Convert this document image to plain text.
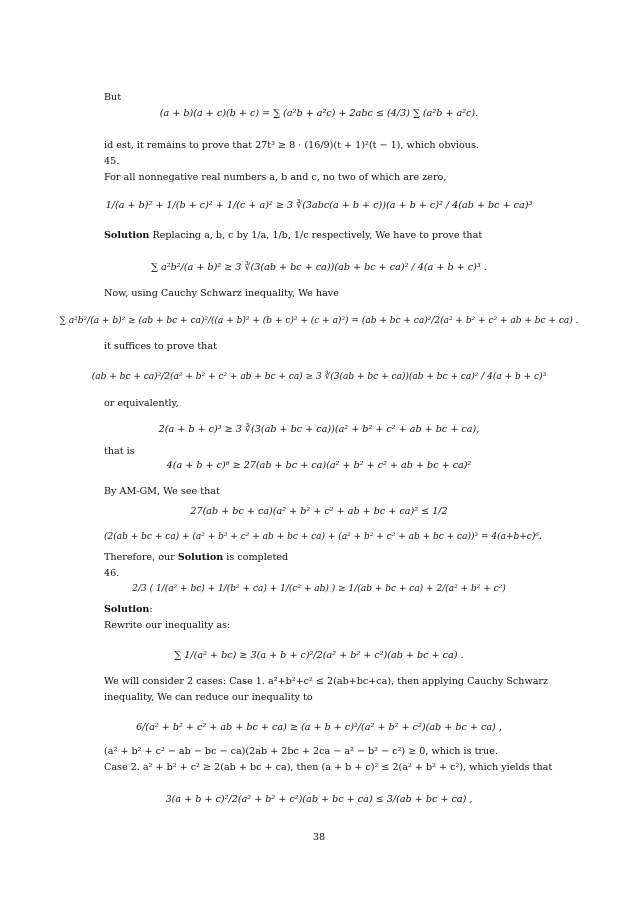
But
(a + b)(a + c)(b + c) = ∑ (a²b + a²c) + 2abc ≤ (4/3) ∑ (a²b + a²c).
id est, it remains to prove that 27t³ ≥ 8 · (16/9)(t + 1)²(t − 1), which obvious.
45.
For all nonnegative real numbers a, b and c, no two of which are zero,
1/(a + b)² + 1/(b + c)² + 1/(c + a)² ≥ 3 ∛(3abc(a + b + c))(a + b + c)² / 4(ab + bc + ca)³
Solution Replacing a, b, c by 1/a, 1/b, 1/c respectively, We have to prove that
∑ a²b²/(a + b)² ≥ 3 ∛(3(ab + bc + ca))(ab + bc + ca)² / 4(a + b + c)³ .
Now, using Cauchy Schwarz inequality, We have
∑ a²b²/(a + b)² ≥ (ab + bc + ca)²/((a + b)² + (b + c)² + (c + a)²) = (ab + bc + ca)²/2(a² + b² + c² + ab + bc + ca) .
it suffices to prove that
(ab + bc + ca)²/2(a² + b² + c² + ab + bc + ca) ≥ 3 ∛(3(ab + bc + ca))(ab + bc + ca)² / 4(a + b + c)³
or equivalently,
2(a + b + c)³ ≥ 3 ∛(3(ab + bc + ca))(a² + b² + c² + ab + bc + ca),
that is
4(a + b + c)⁶ ≥ 27(ab + bc + ca)(a² + b² + c² + ab + bc + ca)²
By AM-GM, We see that
27(ab + bc + ca)(a² + b² + c² + ab + bc + ca)² ≤ 1/2
(2(ab + bc + ca) + (a² + b² + c² + ab + bc + ca) + (a² + b² + c² + ab + bc + ca))³ = 4(a+b+c)⁶.
Therefore, our Solution is completed
46.
2/3 ( 1/(a² + bc) + 1/(b² + ca) + 1/(c² + ab) ) ≥ 1/(ab + bc + ca) + 2/(a² + b² + c²)
Solution:
Rewrite our inequality as:
∑ 1/(a² + bc) ≥ 3(a + b + c)²/2(a² + b² + c²)(ab + bc + ca) .
We will consider 2 cases: Case 1. a²+b²+c² ≤ 2(ab+bc+ca), then applying Cauchy Schwarz
inequality, We can reduce our inequality to
6/(a² + b² + c² + ab + bc + ca) ≥ (a + b + c)²/(a² + b² + c²)(ab + bc + ca) ,
(a² + b² + c² − ab − bc − ca)(2ab + 2bc + 2ca − a² − b² − c²) ≥ 0, which is true.
Case 2. a² + b² + c² ≥ 2(ab + bc + ca), then (a + b + c)² ≤ 2(a² + b² + c²), which yields that
3(a + b + c)²/2(a² + b² + c²)(ab + bc + ca) ≤ 3/(ab + bc + ca) ,
38
